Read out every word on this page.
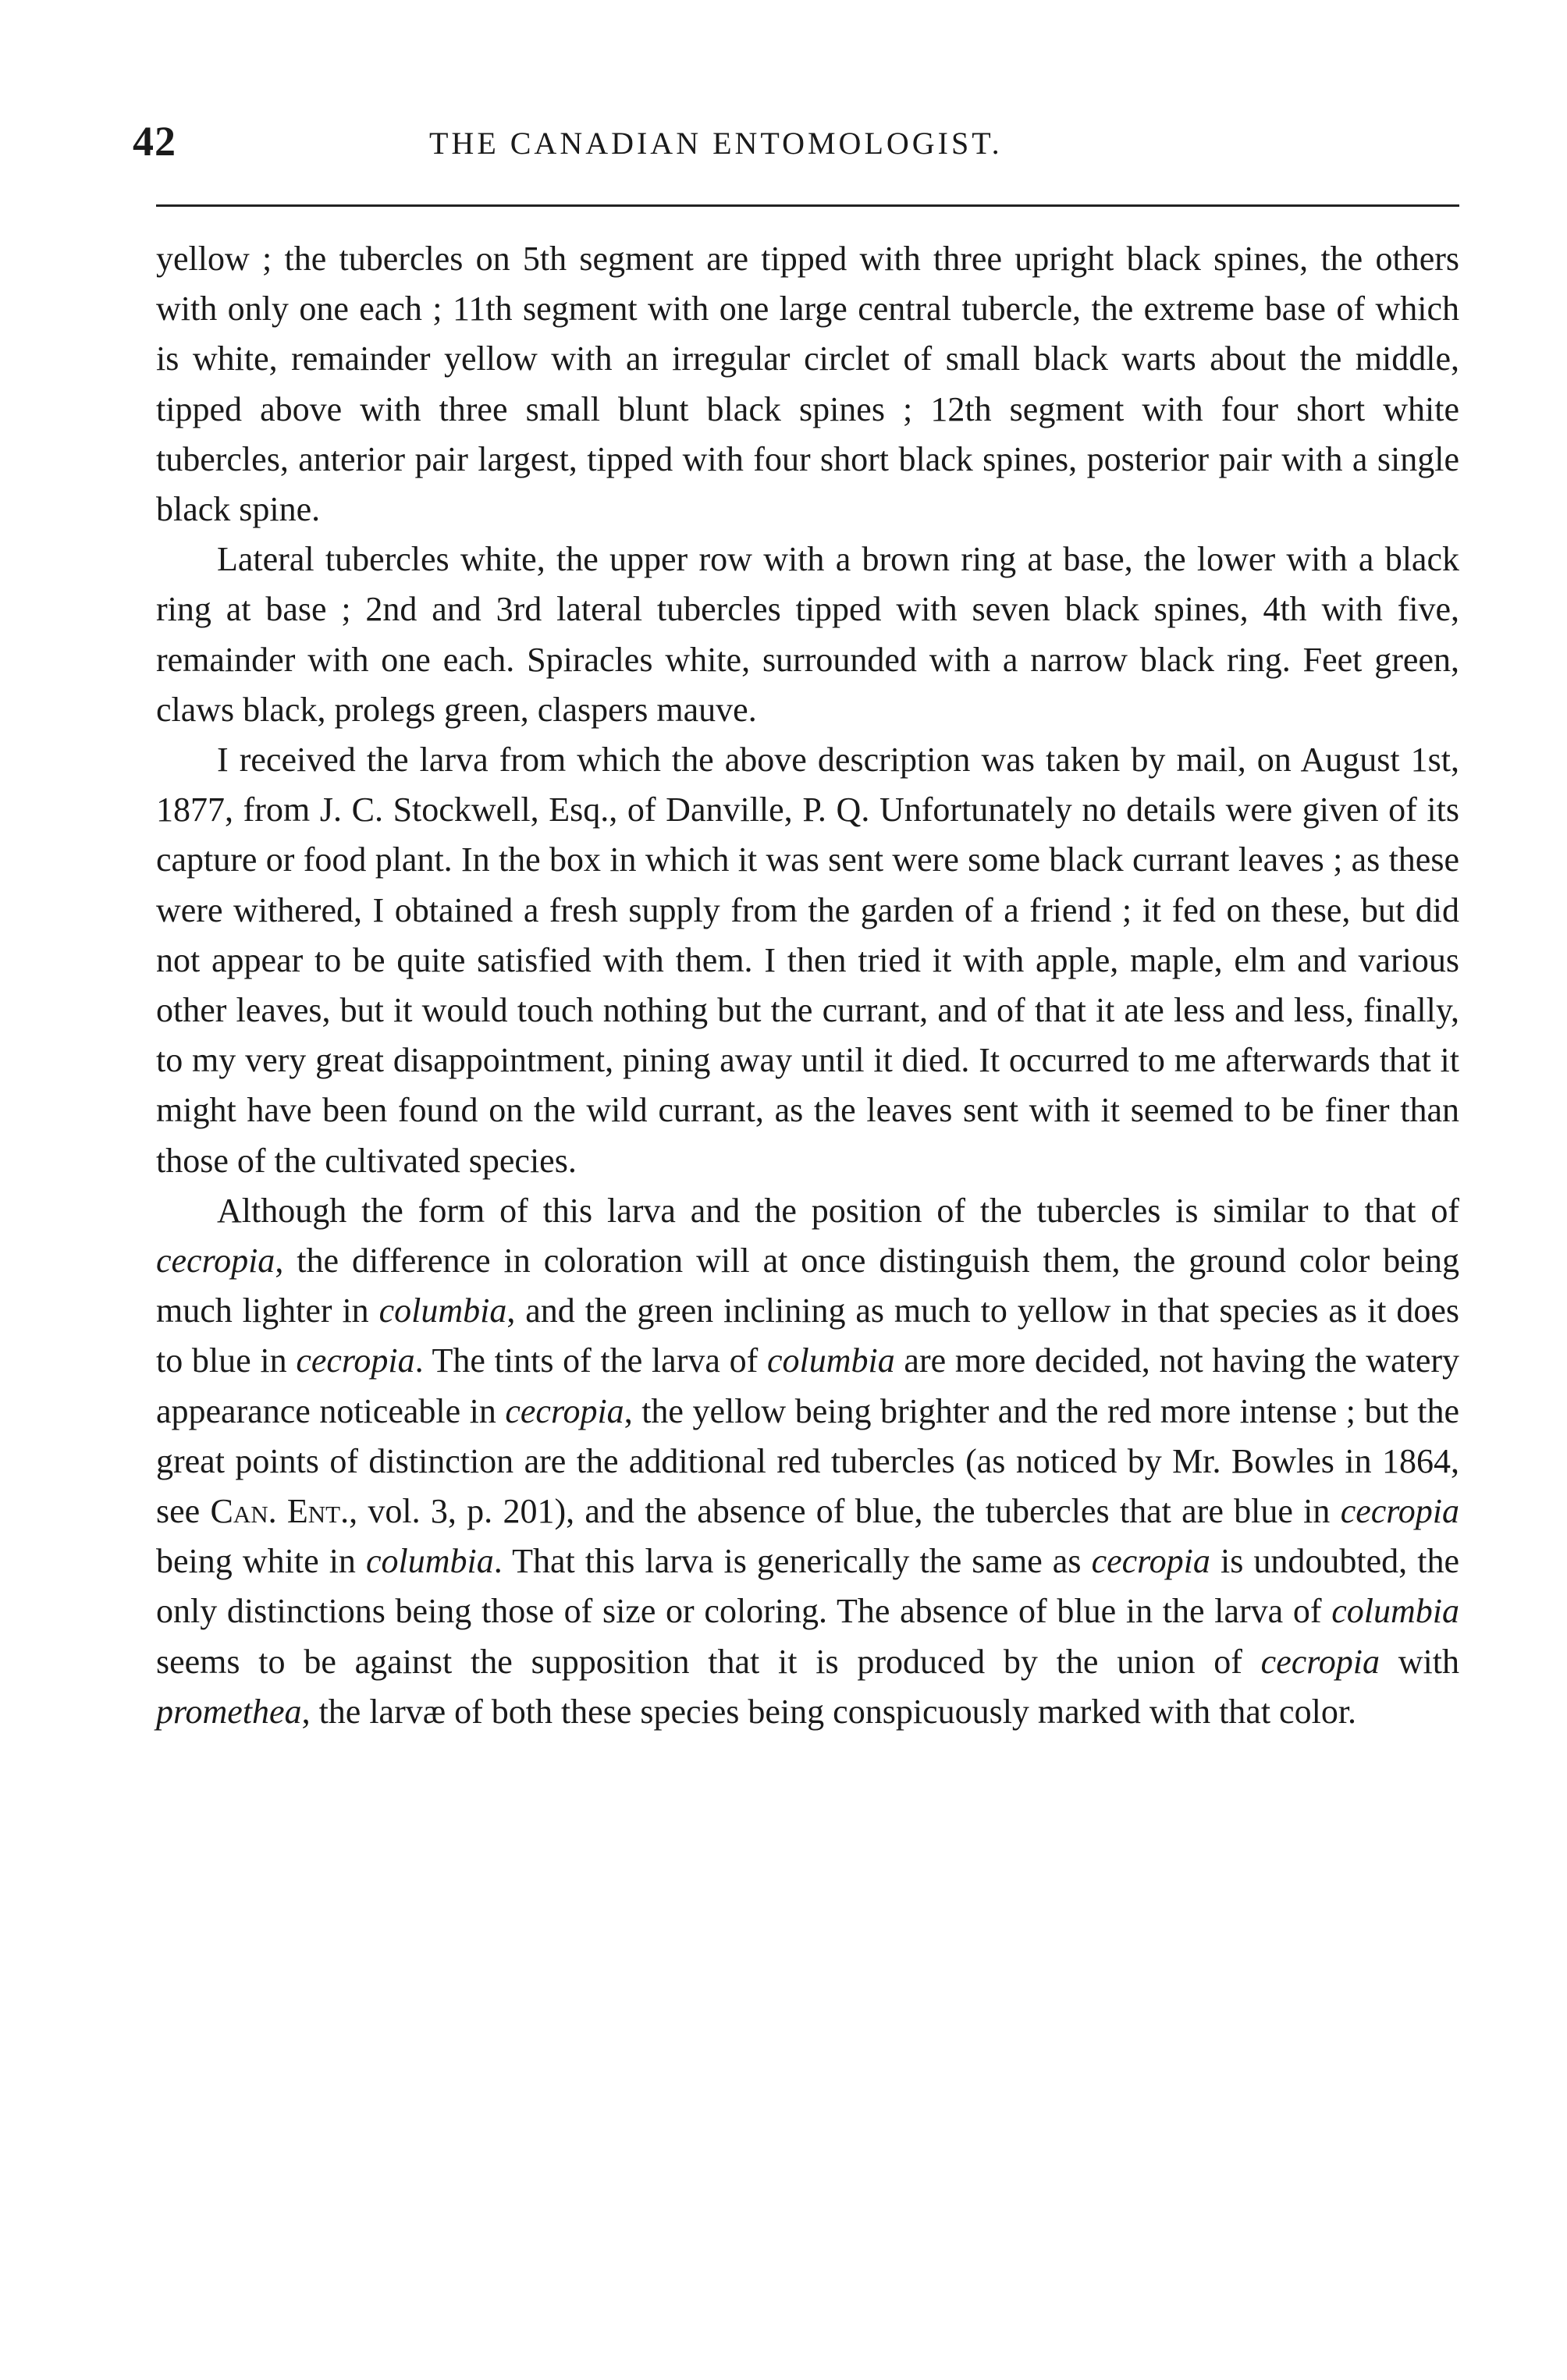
42	THE CANADIAN ENTOMOLOGIST.

yellow ; the tubercles on 5th segment are tipped with three upright black spines, the others with only one each ; 11th segment with one large central tubercle, the extreme base of which is white, remainder yellow with an irregular circlet of small black warts about the middle, tipped above with three small blunt black spines ; 12th segment with four short white tubercles, anterior pair largest, tipped with four short black spines, posterior pair with a single black spine.

Lateral tubercles white, the upper row with a brown ring at base, the lower with a black ring at base ; 2nd and 3rd lateral tubercles tipped with seven black spines, 4th with five, remainder with one each. Spiracles white, surrounded with a narrow black ring. Feet green, claws black, prolegs green, claspers mauve.

I received the larva from which the above description was taken by mail, on August 1st, 1877, from J. C. Stockwell, Esq., of Danville, P. Q. Unfortunately no details were given of its capture or food plant. In the box in which it was sent were some black currant leaves ; as these were withered, I obtained a fresh supply from the garden of a friend ; it fed on these, but did not appear to be quite satisfied with them. I then tried it with apple, maple, elm and various other leaves, but it would touch nothing but the currant, and of that it ate less and less, finally, to my very great disappointment, pining away until it died. It occurred to me afterwards that it might have been found on the wild currant, as the leaves sent with it seemed to be finer than those of the cultivated species.

Although the form of this larva and the position of the tubercles is similar to that of cecropia, the difference in coloration will at once distinguish them, the ground color being much lighter in columbia, and the green inclining as much to yellow in that species as it does to blue in cecropia. The tints of the larva of columbia are more decided, not having the watery appearance noticeable in cecropia, the yellow being brighter and the red more intense ; but the great points of distinction are the additional red tubercles (as noticed by Mr. Bowles in 1864, see Can. Ent., vol. 3, p. 201), and the absence of blue, the tubercles that are blue in cecropia being white in columbia. That this larva is generically the same as cecropia is undoubted, the only distinctions being those of size or coloring. The absence of blue in the larva of columbia seems to be against the supposition that it is produced by the union of cecropia with promethea, the larvæ of both these species being conspicuously marked with that color.
